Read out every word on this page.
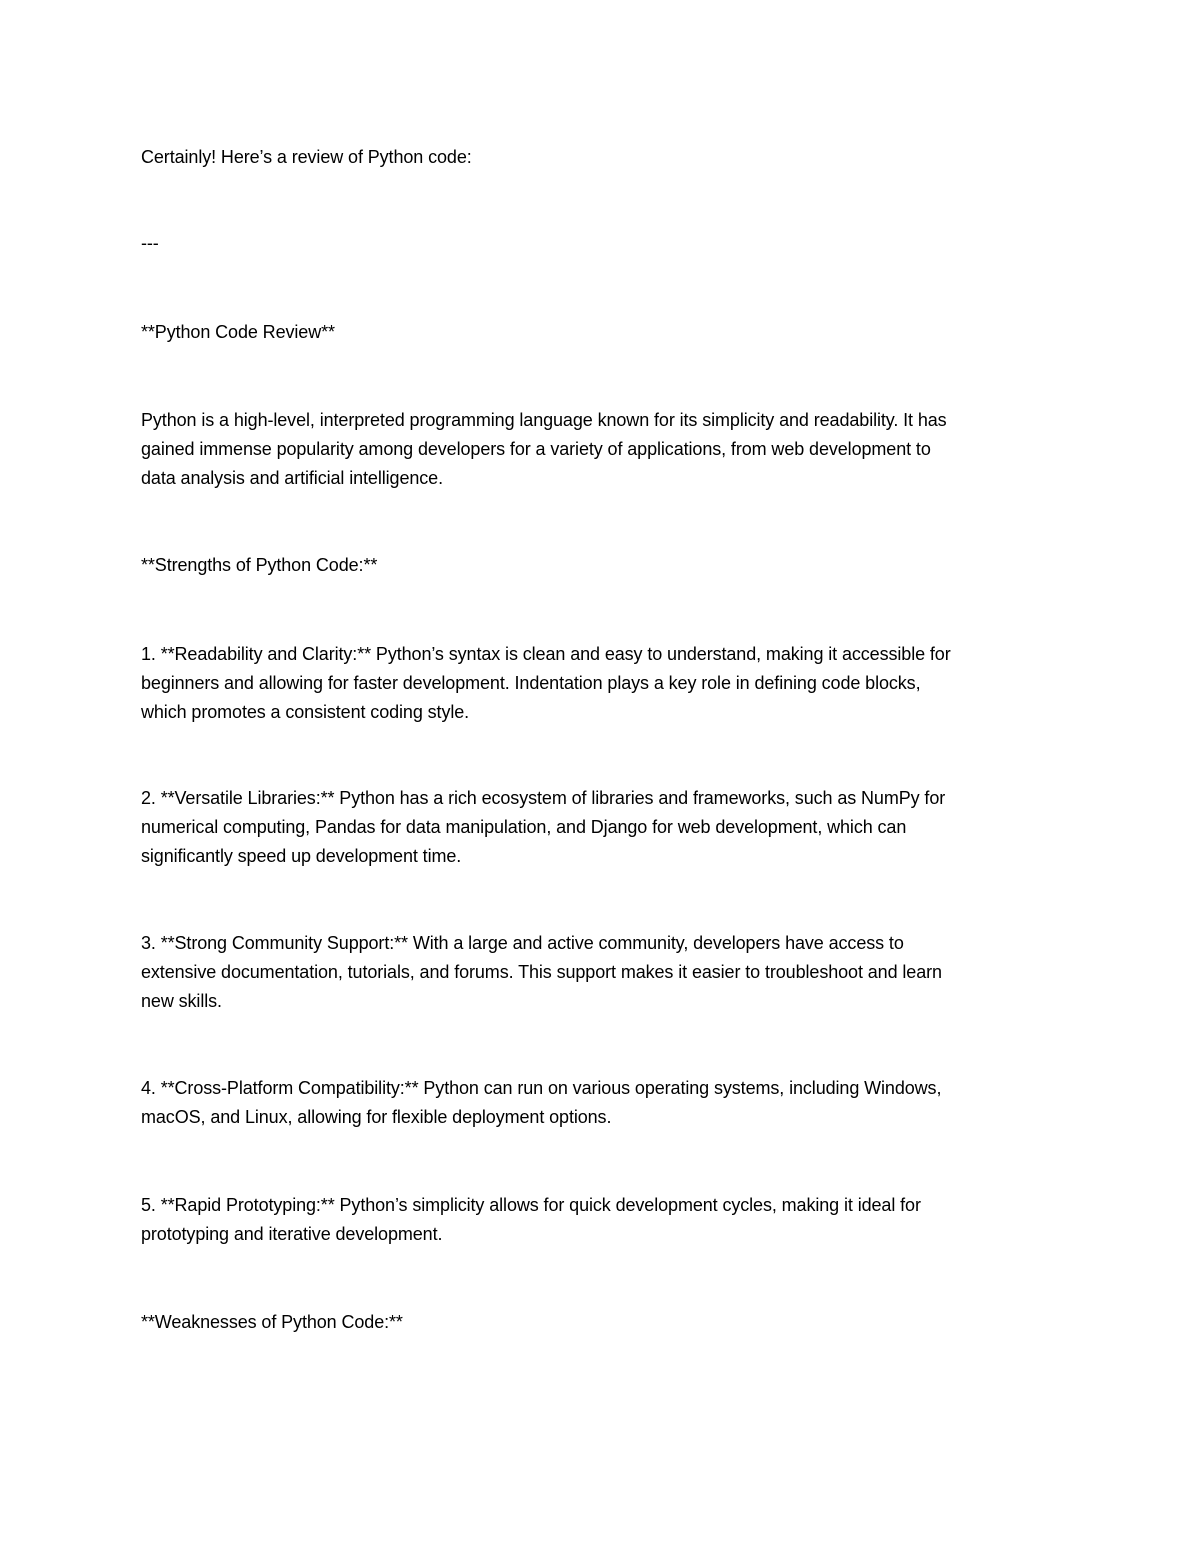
Certainly! Here’s a review of Python code:
---
**Python Code Review**
Python is a high-level, interpreted programming language known for its simplicity and readability. It has
gained immense popularity among developers for a variety of applications, from web development to
data analysis and artificial intelligence.
**Strengths of Python Code:**
1. **Readability and Clarity:** Python’s syntax is clean and easy to understand, making it accessible for
beginners and allowing for faster development. Indentation plays a key role in defining code blocks,
which promotes a consistent coding style.
2. **Versatile Libraries:** Python has a rich ecosystem of libraries and frameworks, such as NumPy for
numerical computing, Pandas for data manipulation, and Django for web development, which can
significantly speed up development time.
3. **Strong Community Support:** With a large and active community, developers have access to
extensive documentation, tutorials, and forums. This support makes it easier to troubleshoot and learn
new skills.
4. **Cross-Platform Compatibility:** Python can run on various operating systems, including Windows,
macOS, and Linux, allowing for flexible deployment options.
5. **Rapid Prototyping:** Python’s simplicity allows for quick development cycles, making it ideal for
prototyping and iterative development.
**Weaknesses of Python Code:**
